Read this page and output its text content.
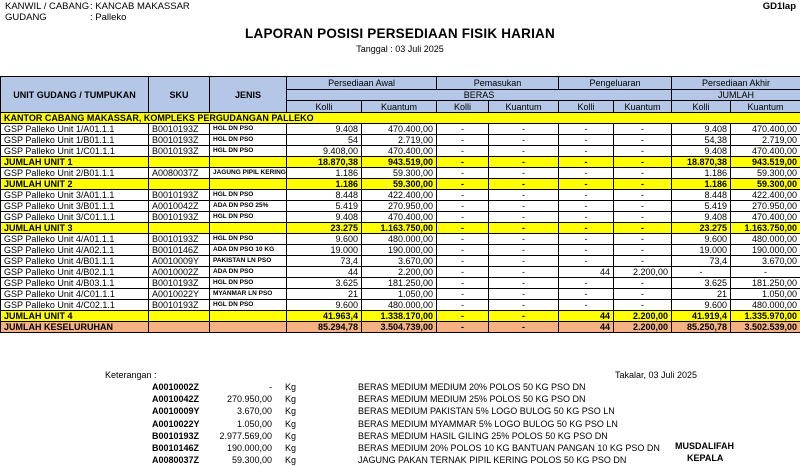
KANWIL / CABANG : KANCAB MAKASSAR
GUDANG	: Palleko
GD1lap
LAPORAN POSISI PERSEDIAAN FISIK HARIAN
Tanggal : 03 Juli 2025
UNIT GUDANG / TUMPUKAN	SKU	JENIS	Persediaan Awal		Pemasukan		Pengeluaran		Persediaan Akhir	
			BERAS						JUMLAH	
			Kolli	Kuantum	Kolli	Kuantum	Kolli	Kuantum	Kolli	Kuantum
KANTOR CABANG MAKASSAR, KOMPLEKS PERGUDANGAN PALLEKO										
GSP Palleko Unit 1/A01.1.1	B0010193Z	HGL DN PSO	9.408	470.400,00	-	-	-	-	9.408	470.400,00
GSP Palleko Unit 1/B01.1.1	B0010193Z	HGL DN PSO	54	2.719,00	-	-	-	-	54,38	2.719,00
GSP Palleko Unit 1/C01.1.1	B0010193Z	HGL DN PSO	9.408,00	470.400,00	-	-	-	-	9.408	470.400,00
JUMLAH UNIT 1			18.870,38	943.519,00	-	-	-	-	18.870,38	943.519,00
GSP Palleko Unit 2/B01.1.1	A0080037Z	JAGUNG PIPIL KERING	1.186	59.300,00	-	-	-	-	1.186	59.300,00
JUMLAH UNIT 2			1.186	59.300,00	-	-	-	-	1.186	59.300,00
GSP Palleko Unit 3/A01.1.1	B0010193Z	HGL DN PSO	8.448	422.400,00	-	-	-	-	8.448	422.400,00
GSP Palleko Unit 3/B01.1.1	A0010042Z	ADA DN PSO 25%	5.419	270.950,00	-	-	-	-	5.419	270.950,00
GSP Palleko Unit 3/C01.1.1	B0010193Z	HGL DN PSO	9.408	470.400,00	-	-	-	-	9.408	470.400,00
JUMLAH UNIT 3			23.275	1.163.750,00	-	-	-	-	23.275	1.163.750,00
GSP Palleko Unit 4/A01.1.1	B0010193Z	HGL DN PSO	9.600	480.000,00	-	-	-	-	9.600	480.000,00
GSP Palleko Unit 4/A02.1.1	B0010146Z	ADA DN PSO 10 KG	19.000	190.000,00	-	-	-	-	19.000	190.000,00
GSP Palleko Unit 4/B01.1.1	A0010009Y	PAKISTAN LN PSO	73,4	3.670,00	-	-	-	-	73,4	3.670,00
GSP Palleko Unit 4/B02.1.1	A0010002Z	ADA DN PSO	44	2.200,00	-	-	44	2.200,00	-	-
GSP Palleko Unit 4/B03.1.1	B0010193Z	HGL DN PSO	3.625	181.250,00	-	-	-	-	3.625	181.250,00
GSP Palleko Unit 4/C01.1.1	A0010022Y	MYANMAR LN PSO	21	1.050,00	-	-	-	-	21	1.050,00
GSP Palleko Unit 4/C02.1.1	B0010193Z	HGL DN PSO	9.600	480.000,00	-	-	-	-	9.600	480.000,00
JUMLAH UNIT 4			41.963,4	1.338.170,00	-	-	44	2.200,00	41.919,4	1.335.970,00
JUMLAH KESELURUHAN			85.294,78	3.504.739,00	-	-	44	2.200,00	85.250,78	3.502.539,00
Keterangan :	Takalar, 03 Juli 2025
A0010002Z	- Kg	BERAS MEDIUM MEDIUM 20% POLOS 50 KG PSO DN
A0010042Z	270.950,00 Kg	BERAS MEDIUM MEDIUM 25% POLOS 50 KG PSO DN
A0010009Y	3.670,00 Kg	BERAS MEDIUM PAKISTAN 5% LOGO BULOG 50 KG PSO LN
A0010022Y	1.050,00 Kg	BERAS MEDIUM MYAMMAR 5% LOGO BULOG 50 KG PSO LN
B0010193Z	2.977.569,00 Kg	BERAS MEDIUM HASIL GILING 25% POLOS 50 KG PSO DN
B0010146Z	190.000,00 Kg	BERAS MEDIUM 20% POLOS 10 KG BANTUAN PANGAN 10 KG PSO DN
A0080037Z	59.300,00 Kg	JAGUNG PAKAN TERNAK PIPIL KERING POLOS 50 KG PSO DN
MUSDALIFAH
KEPALA
